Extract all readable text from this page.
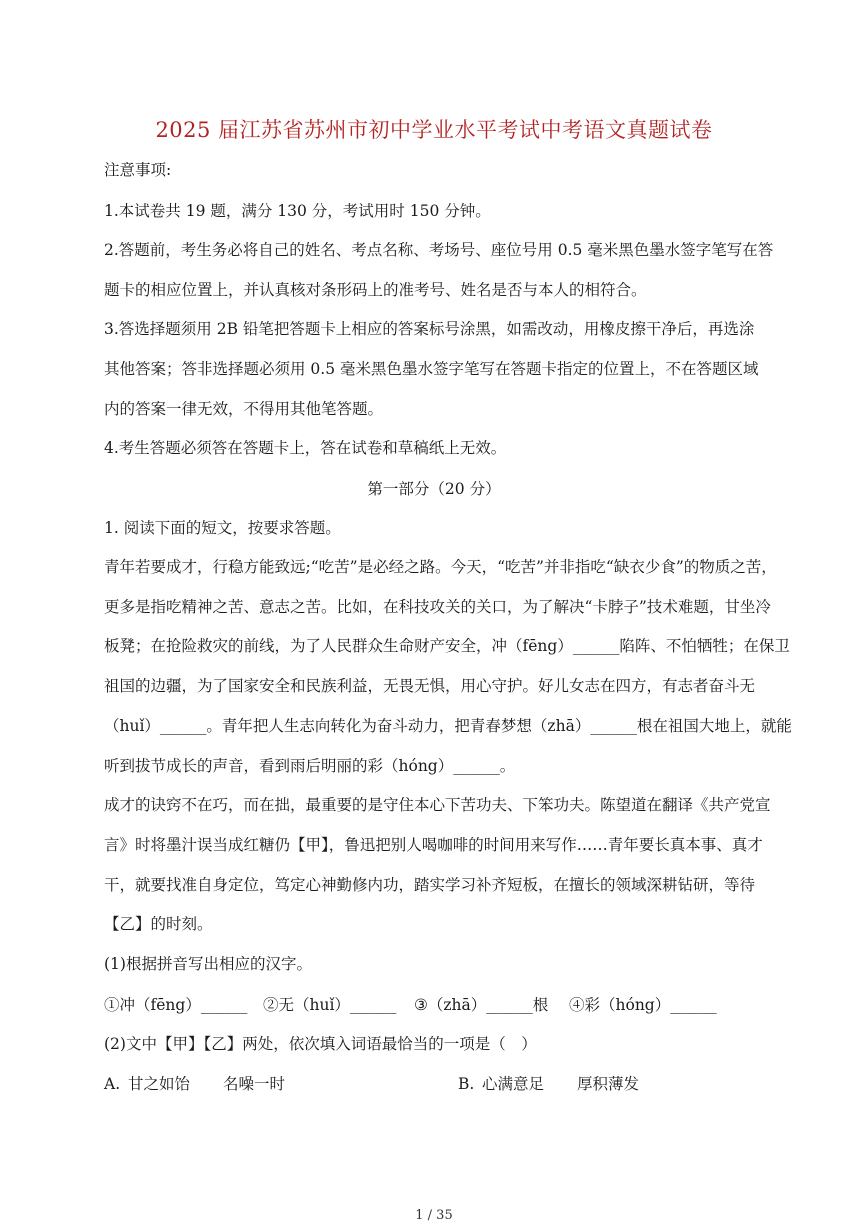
2025 届江苏省苏州市初中学业水平考试中考语文真题试卷
注意事项:
1.本试卷共 19 题，满分 130 分，考试用时 150 分钟。
2.答题前，考生务必将自己的姓名、考点名称、考场号、座位号用 0.5 毫米黑色墨水签字笔写在答
题卡的相应位置上，并认真核对条形码上的准考号、姓名是否与本人的相符合。
3.答选择题须用 2B 铅笔把答题卡上相应的答案标号涂黑，如需改动，用橡皮擦干净后，再选涂
其他答案；答非选择题必须用 0.5 毫米黑色墨水签字笔写在答题卡指定的位置上，不在答题区域
内的答案一律无效，不得用其他笔答题。
4.考生答题必须答在答题卡上，答在试卷和草稿纸上无效。
第一部分（20 分）
1. 阅读下面的短文，按要求答题。
青年若要成才，行稳方能致远;“吃苦”是必经之路。今天，“吃苦”并非指吃“缺衣少食”的物质之苦，
更多是指吃精神之苦、意志之苦。比如，在科技攻关的关口，为了解决“卡脖子”技术难题，甘坐冷
板凳；在抢险救灾的前线，为了人民群众生命财产安全，冲（fēng）______陷阵、不怕牺牲；在保卫
祖国的边疆，为了国家安全和民族利益，无畏无惧，用心守护。好儿女志在四方，有志者奋斗无
（huǐ）______。青年把人生志向转化为奋斗动力，把青春梦想（zhā）______根在祖国大地上，就能
听到拔节成长的声音，看到雨后明丽的彩（hóng）______。
成才的诀窍不在巧，而在拙，最重要的是守住本心下苦功夫、下笨功夫。陈望道在翻译《共产党宣
言》时将墨汁误当成红糖仍【甲】，鲁迅把别人喝咖啡的时间用来写作……青年要长真本事、真才
干，就要找准自身定位，笃定心神勤修内功，踏实学习补齐短板，在擅长的领域深耕钻研，等待
【乙】的时刻。
(1)根据拼音写出相应的汉字。
①冲（fēng）______ ②无（huǐ）______ ③（zhā）______根 ④彩（hóng）______
(2)文中【甲】【乙】两处，依次填入词语最恰当的一项是（　）
A. 甘之如饴 名噪一时	B. 心满意足 厚积薄发
1 / 35
